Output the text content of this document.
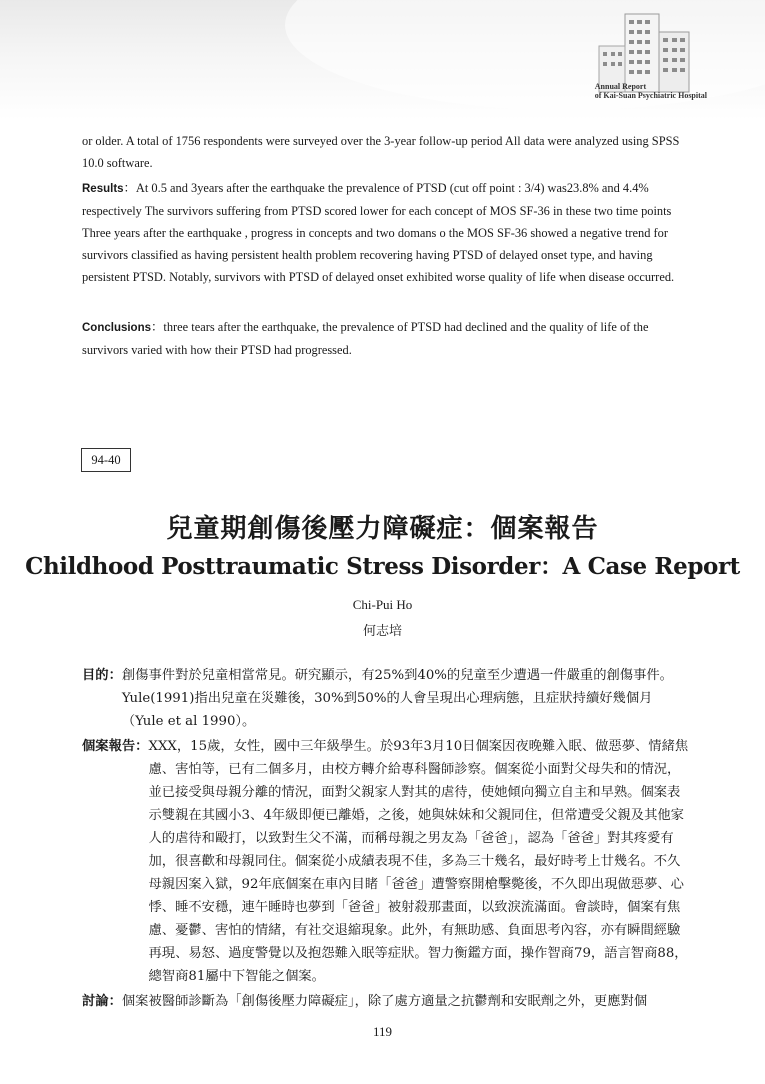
Annual Report
of Kai-Suan Psychiatric Hospital

or older. A total of 1756 respondents were surveyed over the 3-year follow-up period All data were analyzed using SPSS 10.0 software.

Results：At 0.5 and 3years after the earthquake the prevalence of PTSD (cut off point : 3/4) was23.8% and 4.4% respectively The survivors suffering from PTSD scored lower for each concept of MOS SF-36 in these two time points Three years after the earthquake , progress in concepts and two domans o the MOS SF-36 showed a negative trend for survivors classified as having persistent health problem recovering having PTSD of delayed onset type, and having persistent PTSD. Notably, survivors with PTSD of delayed onset exhibited worse quality of life when disease occurred.

Conclusions：three tears after the earthquake, the prevalence of PTSD had declined and the quality of life of the survivors varied with how their PTSD had progressed.

94-40
兒童期創傷後壓力障礙症：個案報告
Childhood Posttraumatic Stress Disorder：A Case Report
Chi-Pui Ho
何志培
目的： 創傷事件對於兒童相當常見。研究顯示，有25%到40%的兒童至少遭遇一件嚴重的創傷事件。Yule(1991)指出兒童在災難後，30%到50%的人會呈現出心理病態，且症狀持續好幾個月（Yule et al 1990）。
個案報告： XXX，15歲，女性，國中三年級學生。於93年3月10日個案因夜晚難入眠、做惡夢、情緒焦慮、害怕等，已有二個多月，由校方轉介給專科醫師診察。個案從小面對父母失和的情況，並已接受與母親分離的情況，面對父親家人對其的虐待，使她傾向獨立自主和早熟。個案表示雙親在其國小3、4年級即便已離婚，之後，她與妹妹和父親同住，但常遭受父親及其他家人的虐待和毆打，以致對生父不滿，而稱母親之男友為「爸爸」，認為「爸爸」對其疼愛有加，很喜歡和母親同住。個案從小成績表現不佳，多為三十幾名，最好時考上廿幾名。不久母親因案入獄，92年底個案在車內目睹「爸爸」遭警察開槍擊斃後，不久即出現做惡夢、心悸、睡不安穩，連午睡時也夢到「爸爸」被射殺那畫面，以致淚流滿面。會談時，個案有焦慮、憂鬱、害怕的情緒，有社交退縮現象。此外，有無助感、負面思考內容，亦有瞬間經驗再現、易怒、過度警覺以及抱怨難入眠等症狀。智力衡鑑方面，操作智商79，語言智商88，總智商81屬中下智能之個案。
討論： 個案被醫師診斷為「創傷後壓力障礙症」，除了處方適量之抗鬱劑和安眠劑之外，更應對個
119
